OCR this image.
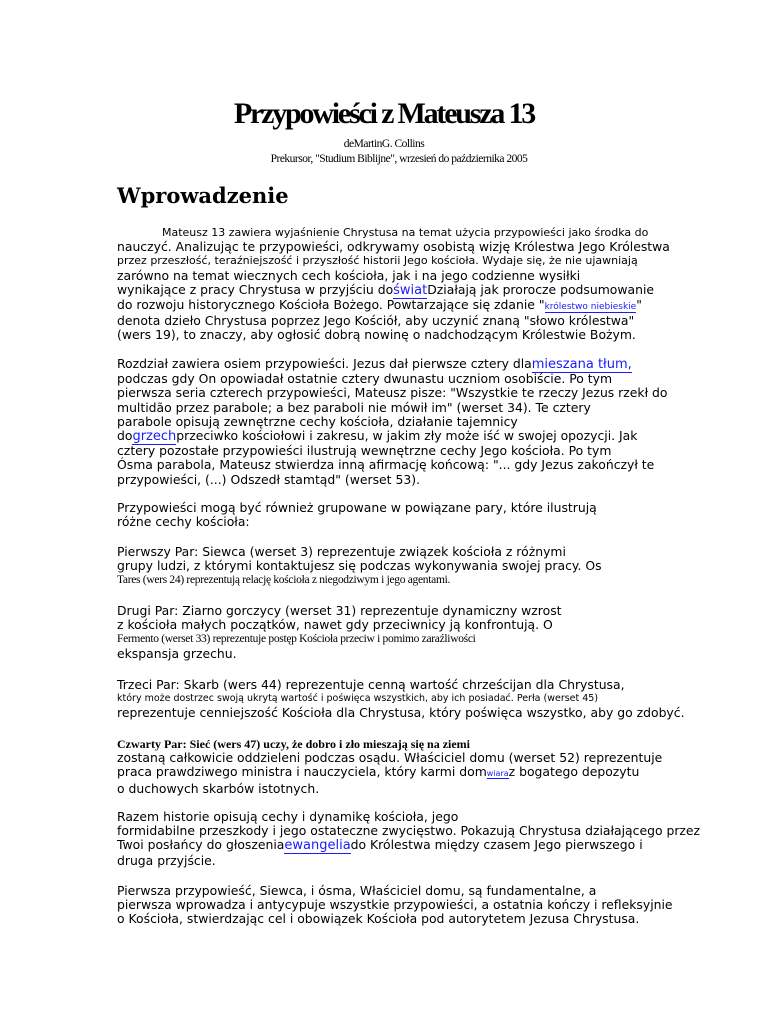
Przypowieści z Mateusza 13
deMartinG. Collins
Prekursor, "Studium Biblijne", wrzesień do października 2005
Wprowadzenie

Mateusz 13 zawiera wyjaśnienie Chrystusa na temat użycia przypowieści jako środka do

nauczyć. Analizując te przypowieści, odkrywamy osobistą wizję Królestwa Jego Królestwa

przez przeszłość, teraźniejszość i przyszłość historii Jego kościoła. Wydaje się, że nie ujawniają

zarówno na temat wiecznych cech kościoła, jak i na jego codzienne wysiłki

wynikające z pracy Chrystusa w przyjściu doświatDziałają jak prorocze podsumowanie

do rozwoju historycznego Kościoła Bożego. Powtarzające się zdanie "królestwo niebieskie"

denota dzieło Chrystusa poprzez Jego Kościół, aby uczynić znaną "słowo królestwa"

(wers 19), to znaczy, aby ogłosić dobrą nowinę o nadchodzącym Królestwie Bożym.

Rozdział zawiera osiem przypowieści. Jezus dał pierwsze cztery dlamieszana tłum,

podczas gdy On opowiadał ostatnie cztery dwunastu uczniom osobiście. Po tym

pierwsza seria czterech przypowieści, Mateusz pisze: "Wszystkie te rzeczy Jezus rzekł do

multidão przez parabole; a bez paraboli nie mówił im" (werset 34). Te cztery

parabole opisują zewnętrzne cechy kościoła, działanie tajemnicy

dogrzechprzeciwko kościołowi i zakresu, w jakim zły może iść w swojej opozycji. Jak

cztery pozostałe przypowieści ilustrują wewnętrzne cechy Jego kościoła. Po tym

Ósma parabola, Mateusz stwierdza inną afirmację końcową: "... gdy Jezus zakończył te

przypowieści, (...) Odszedł stamtąd" (werset 53).

Przypowieści mogą być również grupowane w powiązane pary, które ilustrują

różne cechy kościoła:

Pierwszy Par: Siewca (werset 3) reprezentuje związek kościoła z różnymi

grupy ludzi, z którymi kontaktujesz się podczas wykonywania swojej pracy. Os

Tares (wers 24) reprezentują relację kościoła z niegodziwym i jego agentami.

Drugi Par: Ziarno gorczycy (werset 31) reprezentuje dynamiczny wzrost

z kościoła małych początków, nawet gdy przeciwnicy ją konfrontują. O

Fermento (werset 33) reprezentuje postęp Kościoła przeciw i pomimo zaraźliwości

ekspansja grzechu.

Trzeci Par: Skarb (wers 44) reprezentuje cenną wartość chrześcijan dla Chrystusa,

który może dostrzec swoją ukrytą wartość i poświęca wszystkich, aby ich posiadać. Perła (werset 45)

reprezentuje cenniejszość Kościoła dla Chrystusa, który poświęca wszystko, aby go zdobyć.

Czwarty Par: Sieć (wers 47) uczy, że dobro i zło mieszają się na ziemi

zostaną całkowicie oddzieleni podczas osądu. Właściciel domu (werset 52) reprezentuje

praca prawdziwego ministra i nauczyciela, który karmi domwiaraz bogatego depozytu

o duchowych skarbów istotnych.

Razem historie opisują cechy i dynamikę kościoła, jego

formidabilne przeszkody i jego ostateczne zwycięstwo. Pokazują Chrystusa działającego przez

Twoi posłańcy do głoszeniaewangeliado Królestwa między czasem Jego pierwszego i

druga przyjście.

Pierwsza przypowieść, Siewca, i ósma, Właściciel domu, są fundamentalne, a

pierwsza wprowadza i antycypuje wszystkie przypowieści, a ostatnia kończy i refleksyjnie

o Kościoła, stwierdzając cel i obowiązek Kościoła pod autorytetem Jezusa Chrystusa.
